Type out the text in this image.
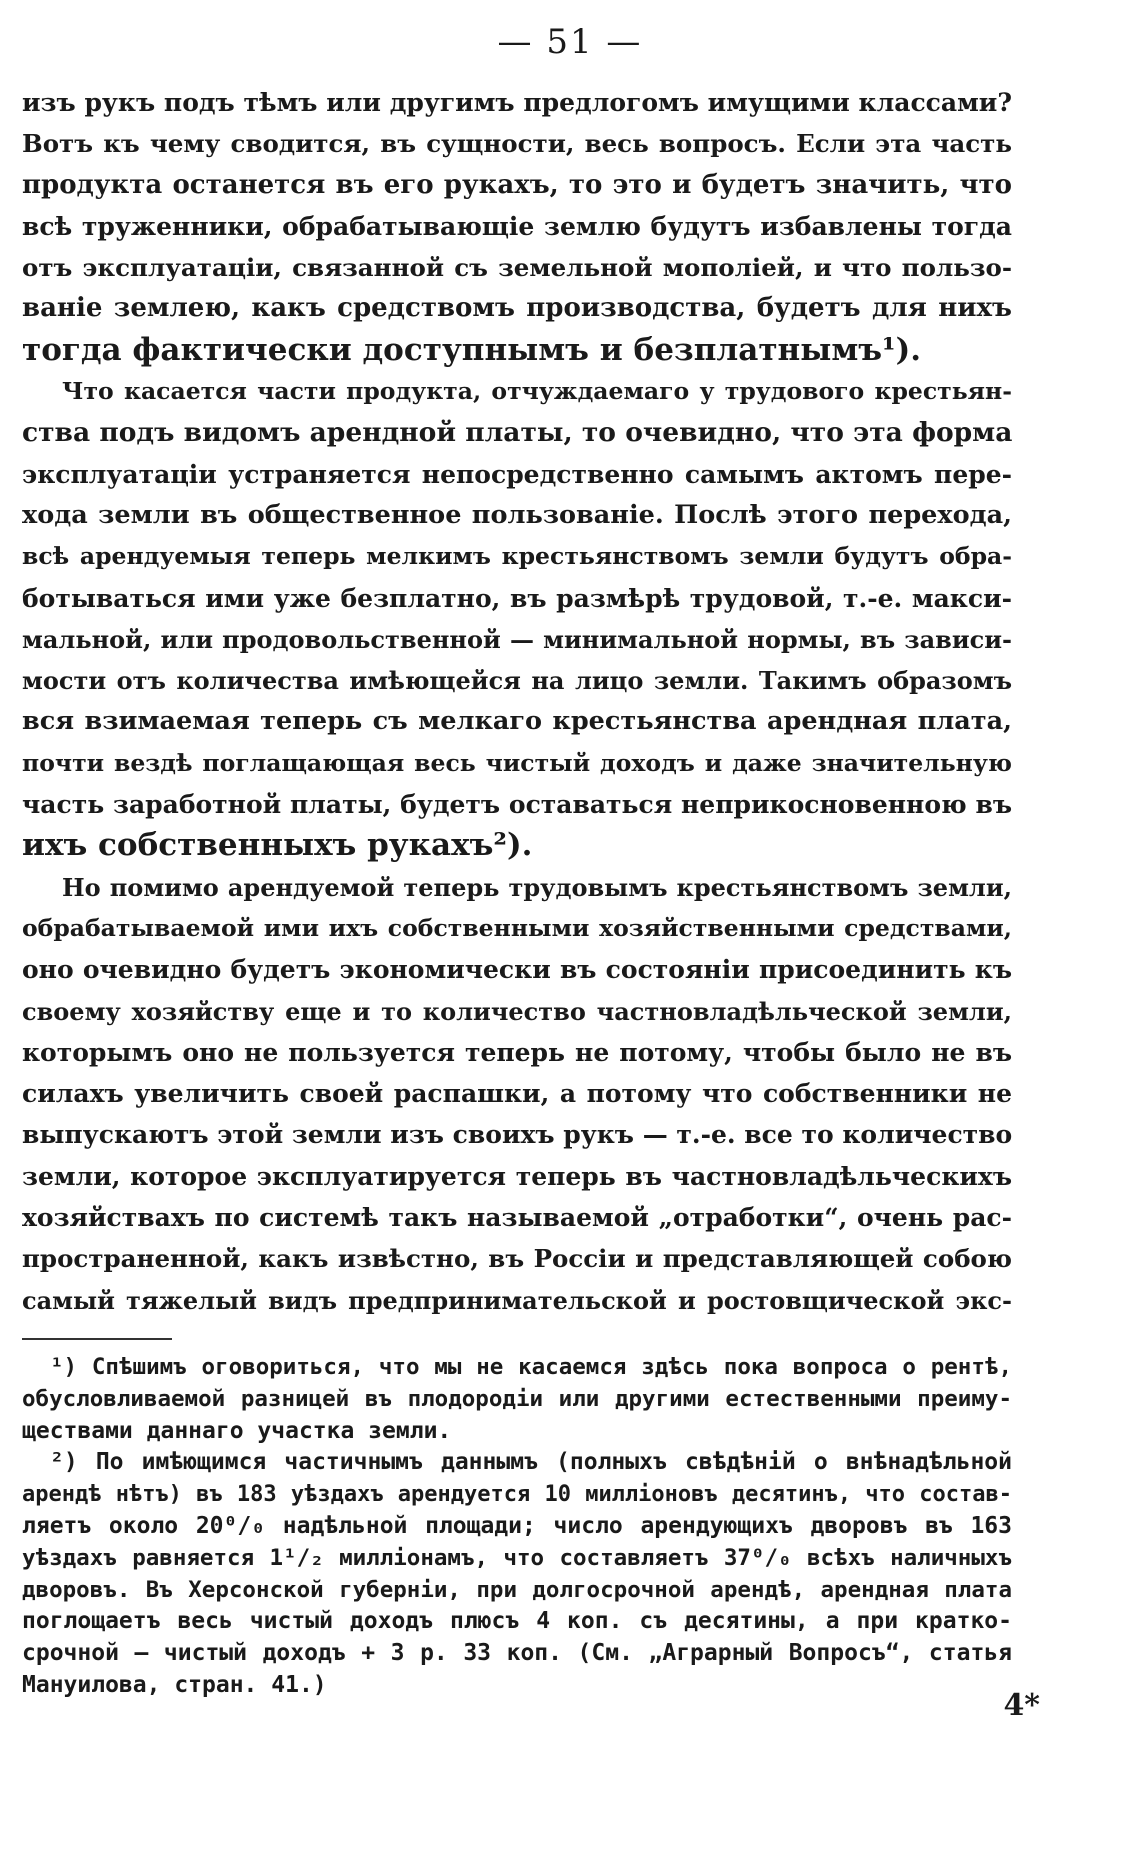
— 51 —
изъ рукъ подъ тѣмъ или другимъ предлогомъ имущими классами?
Вотъ къ чему сводится, въ сущности, весь вопросъ. Если эта часть
продукта останется въ его рукахъ, то это и будетъ значить, что
всѣ труженники, обрабатывающіе землю будутъ избавлены тогда
отъ эксплуатаціи, связанной съ земельной мополіей, и что пользо-
ваніе землею, какъ средствомъ производства, будетъ для нихъ
тогда фактически доступнымъ и безплатнымъ¹).
Что касается части продукта, отчуждаемаго у трудового крестьян-
ства подъ видомъ арендной платы, то очевидно, что эта форма
эксплуатаціи устраняется непосредственно самымъ актомъ пере-
хода земли въ общественное пользованіе. Послѣ этого перехода,
всѣ арендуемыя теперь мелкимъ крестьянствомъ земли будутъ обра-
ботываться ими уже безплатно, въ размѣрѣ трудовой, т.-е. макси-
мальной, или продовольственной — минимальной нормы, въ зависи-
мости отъ количества имѣющейся на лицо земли. Такимъ образомъ
вся взимаемая теперь съ мелкаго крестьянства арендная плата,
почти вездѣ поглащающая весь чистый доходъ и даже значительную
часть заработной платы, будетъ оставаться неприкосновенною въ
ихъ собственныхъ рукахъ²).
Но помимо арендуемой теперь трудовымъ крестьянствомъ земли,
обрабатываемой ими ихъ собственными хозяйственными средствами,
оно очевидно будетъ экономически въ состояніи присоединить къ
своему хозяйству еще и то количество частновладѣльческой земли,
которымъ оно не пользуется теперь не потому, чтобы было не въ
силахъ увеличить своей распашки, а потому что собственники не
выпускаютъ этой земли изъ своихъ рукъ — т.-е. все то количество
земли, которое эксплуатируется теперь въ частновладѣльческихъ
хозяйствахъ по системѣ такъ называемой „отработки“, очень рас-
пространенной, какъ извѣстно, въ Россіи и представляющей собою
самый тяжелый видъ предпринимательской и ростовщической экс-
¹) Спѣшимъ оговориться, что мы не касаемся здѣсь пока вопроса о рентѣ,
обусловливаемой разницей въ плодородіи или другими естественными преиму-
ществами даннаго участка земли.
²) По имѣющимся частичнымъ даннымъ (полныхъ свѣдѣній о внѣнадѣльной
арендѣ нѣтъ) въ 183 уѣздахъ арендуется 10 милліоновъ десятинъ, что состав-
ляетъ около 20⁰/₀ надѣльной площади; число арендующихъ дворовъ въ 163
уѣздахъ равняется 1¹/₂ милліонамъ, что составляетъ 37⁰/₀ всѣхъ наличныхъ
дворовъ. Въ Херсонской губерніи, при долгосрочной арендѣ, арендная плата
поглощаетъ весь чистый доходъ плюсъ 4 коп. съ десятины, а при кратко-
срочной — чистый доходъ + 3 р. 33 коп. (См. „Аграрный Вопросъ“, статья
Мануилова, стран. 41.)
4*
